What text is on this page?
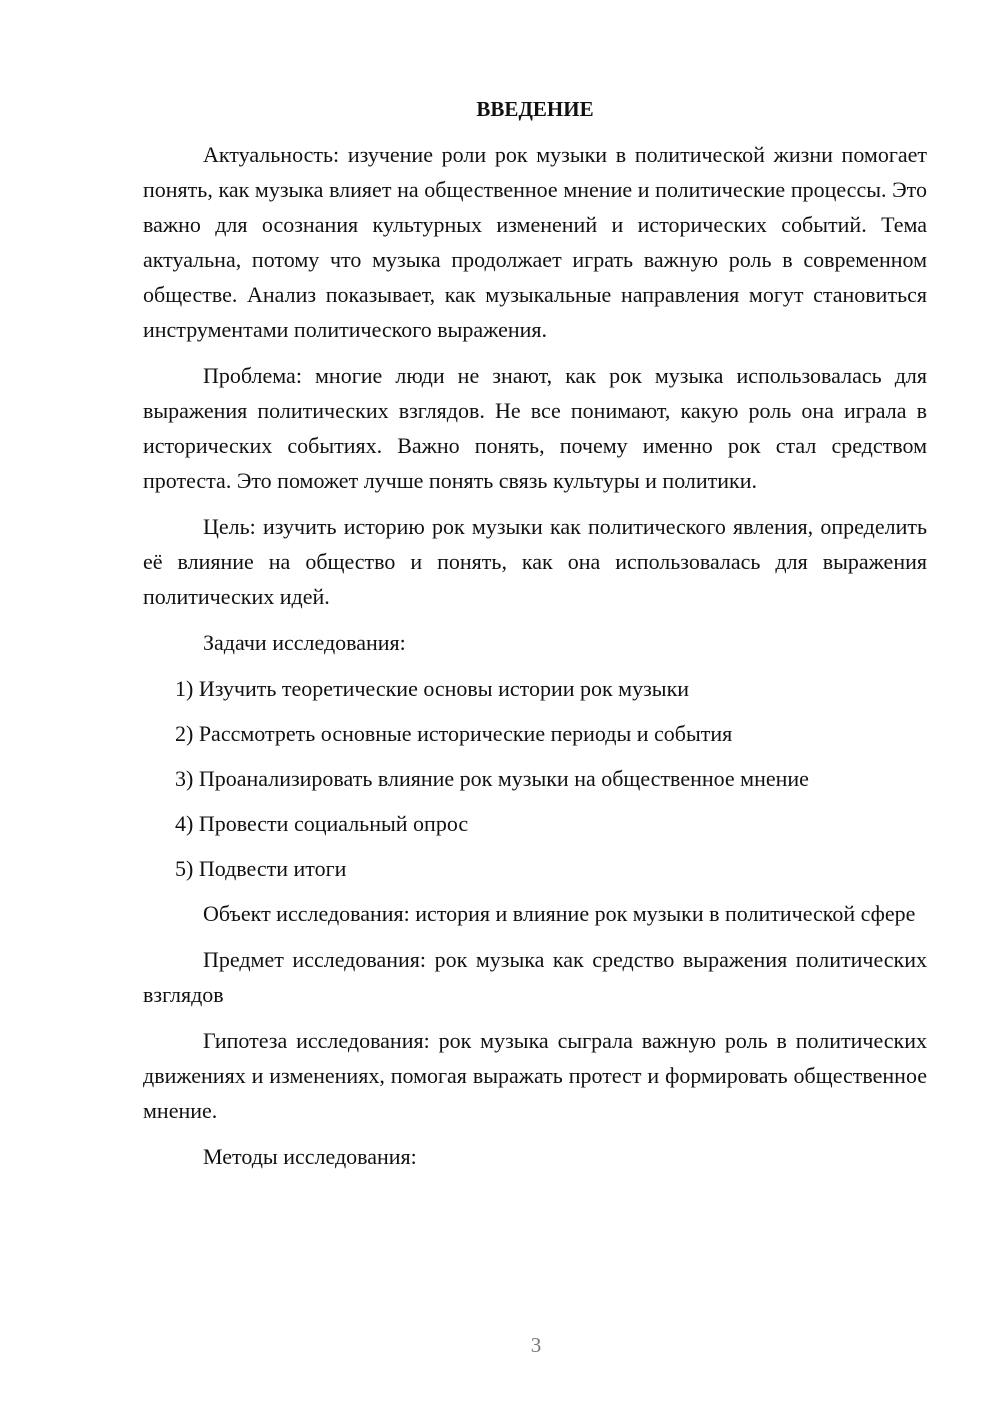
ВВЕДЕНИЕ

Актуальность: изучение роли рок музыки в политической жизни помогает понять, как музыка влияет на общественное мнение и политические процессы. Это важно для осознания культурных изменений и исторических событий. Тема актуальна, потому что музыка продолжает играть важную роль в современном обществе. Анализ показывает, как музыкальные направления могут становиться инструментами политического выражения.

Проблема: многие люди не знают, как рок музыка использовалась для выражения политических взглядов. Не все понимают, какую роль она играла в исторических событиях. Важно понять, почему именно рок стал средством протеста. Это поможет лучше понять связь культуры и политики.

Цель: изучить историю рок музыки как политического явления, определить её влияние на общество и понять, как она использовалась для выражения политических идей.

Задачи исследования:

1) Изучить теоретические основы истории рок музыки
2) Рассмотреть основные исторические периоды и события
3) Проанализировать влияние рок музыки на общественное мнение
4) Провести социальный опрос
5) Подвести итоги

Объект исследования: история и влияние рок музыки в политической сфере

Предмет исследования: рок музыка как средство выражения политических взглядов

Гипотеза исследования: рок музыка сыграла важную роль в политических движениях и изменениях, помогая выражать протест и формировать общественное мнение.

Методы исследования:

3
